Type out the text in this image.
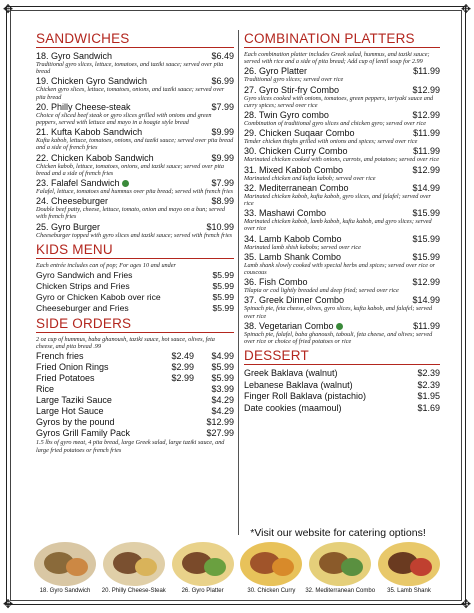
✥	✥
✥	✥
SANDWICHES
18. Gyro Sandwich	$6.49
Traditional gyro slices, lettuce, tomatoes, and taziki sauce; served over pita bread
19. Chicken Gyro Sandwich	$6.99
Chicken gyro slices, lettuce, tomatoes, onions, and taziki sauce; served over pita bread
20. Philly Cheese-steak	$7.99
Choice of sliced beef steak or gyro slices grilled with onions and green peppers, served with lettuce and mayo in a hoagie style bread
21. Kufta Kabob Sandwich	$9.99
Kufta kabob, lettuce, tomatoes, onions, and taziki sauce; served over pita bread and a side of french fries
22. Chicken Kabob Sandwich	$9.99
Chicken kabob, lettuce, tomatoes, onions, and taziki sauce; served over pita bread and a side of french fries
23. Falafel Sandwich	$7.99
Falafel, lettuce, tomatoes and hummus over pita bread; served with french fries
24. Cheeseburger	$8.99
Double beef patty, cheese, lettuce, tomato, onion and mayo on a bun; served with french fries
25. Gyro Burger	$10.99
Cheeseburger topped with gyro slices and taziki sauce; served with french fries
KIDS MENU
Each entrée includes can of pop; For ages 10 and under
Gyro Sandwich and Fries	$5.99
Chicken Strips and Fries	$5.99
Gyro or Chicken Kabob over rice	$5.99
Cheeseburger and Fries	$5.99
SIDE ORDERS
2 oz cup of hummus, baba ghanoush, taziki sauce, hot sauce, olives, feta cheese, and pita bread .99
French fries	$2.49	$4.99
Fried Onion Rings	$2.99	$5.99
Fried Potatoes	$2.99	$5.99
Rice	$3.99
Large Taziki Sauce	$4.29
Large Hot Sauce	$4.29
Gyros by the pound	$12.99
Gyros Grill Family Pack	$27.99
1.5 lbs of gyro meat, 4 pita bread, large Greek salad, large taziki sauce, and large fried potatoes or french fries
COMBINATION PLATTERS
Each combination platter includes Greek salad, hummus, and taziki sauce; served with rice and a side of pita bread; Add cup of lentil soup for 2.99
26. Gyro Platter	$11.99
Traditional gyro slices; served over rice
27. Gyro Stir-fry Combo	$12.99
Gyro slices cooked with onions, tomatoes, green peppers, teriyaki sauce and curry spices; served over rice
28. Twin Gyro combo	$12.99
Combination of traditional gyro slices and chicken gyro; served over rice
29. Chicken Suqaar Combo	$11.99
Tender chicken thighs grilled with onions and spices; served over rice
30. Chicken Curry Combo	$11.99
Marinated chicken cooked with onions, carrots, and potatoes; served over rice
31. Mixed Kabob Combo	$12.99
Marinated chicken and kufta kabob; served over rice
32. Mediterranean Combo	$14.99
Marinated chicken kabob, kufta kabob, gyro slices, and falafel; served over rice
33. Mashawi Combo	$15.99
Marinated chicken kabob, lamb kabob, kufta kabob, and gyro slices; served over rice
34. Lamb Kabob Combo	$15.99
Marinated lamb shish kabobs; served over rice
35. Lamb Shank Combo	$15.99
Lamb shank slowly cooked with special herbs and spices; served over rice or couscous
36. Fish Combo	$12.99
Tilapia or cod lightly breaded and deep fried; served over rice
37. Greek Dinner Combo	$14.99
Spinach pie, feta cheese, olives, gyro slices, kufta kabob, and falafel; served over rice
38. Vegetarian Combo	$11.99
Spinach pie, falafel, baba ghanoush, tabouli, feta cheese, and olives; served over rice or choice of fried potatoes or rice
DESSERT
Greek Baklava (walnut)	$2.39
Lebanese Baklava (walnut)	$2.39
Finger Roll Baklava (pistachio)	$1.95
Date cookies (maamoul)	$1.69
*Visit our website for catering options!
18. Gyro Sandwich 20. Philly Cheese-Steak	26. Gyro Platter	30. Chicken Curry 32. Mediterranean Combo 35. Lamb Shank
